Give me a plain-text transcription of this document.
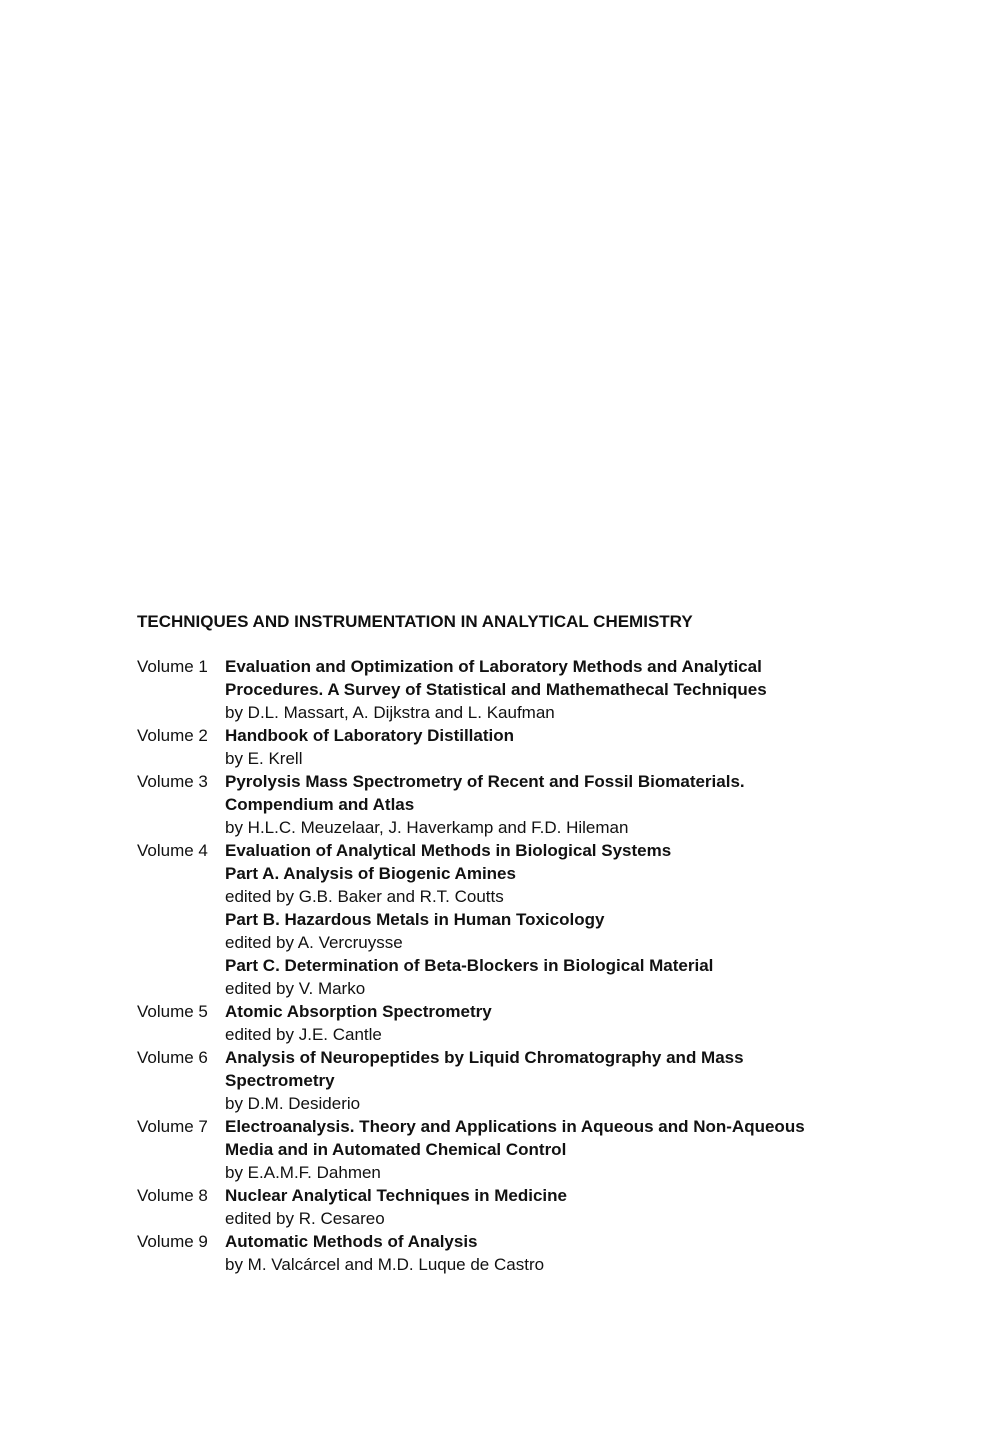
TECHNIQUES AND INSTRUMENTATION IN ANALYTICAL CHEMISTRY
Volume 1	Evaluation and Optimization of Laboratory Methods and Analytical
Procedures. A Survey of Statistical and Mathemathecal Techniques
by D.L. Massart, A. Dijkstra and L. Kaufman
Volume 2	Handbook of Laboratory Distillation
by E. Krell
Volume 3	Pyrolysis Mass Spectrometry of Recent and Fossil Biomaterials.
Compendium and Atlas
by H.L.C. Meuzelaar, J. Haverkamp and F.D. Hileman
Volume 4	Evaluation of Analytical Methods in Biological Systems
Part A. Analysis of Biogenic Amines
edited by G.B. Baker and R.T. Coutts
Part B. Hazardous Metals in Human Toxicology
edited by A. Vercruysse
Part C. Determination of Beta-Blockers in Biological Material
edited by V. Marko
Volume 5	Atomic Absorption Spectrometry
edited by J.E. Cantle
Volume 6	Analysis of Neuropeptides by Liquid Chromatography and Mass
Spectrometry
by D.M. Desiderio
Volume 7	Electroanalysis. Theory and Applications in Aqueous and Non-Aqueous
Media and in Automated Chemical Control
by E.A.M.F. Dahmen
Volume 8	Nuclear Analytical Techniques in Medicine
edited by R. Cesareo
Volume 9	Automatic Methods of Analysis
by M. Valcárcel and M.D. Luque de Castro
